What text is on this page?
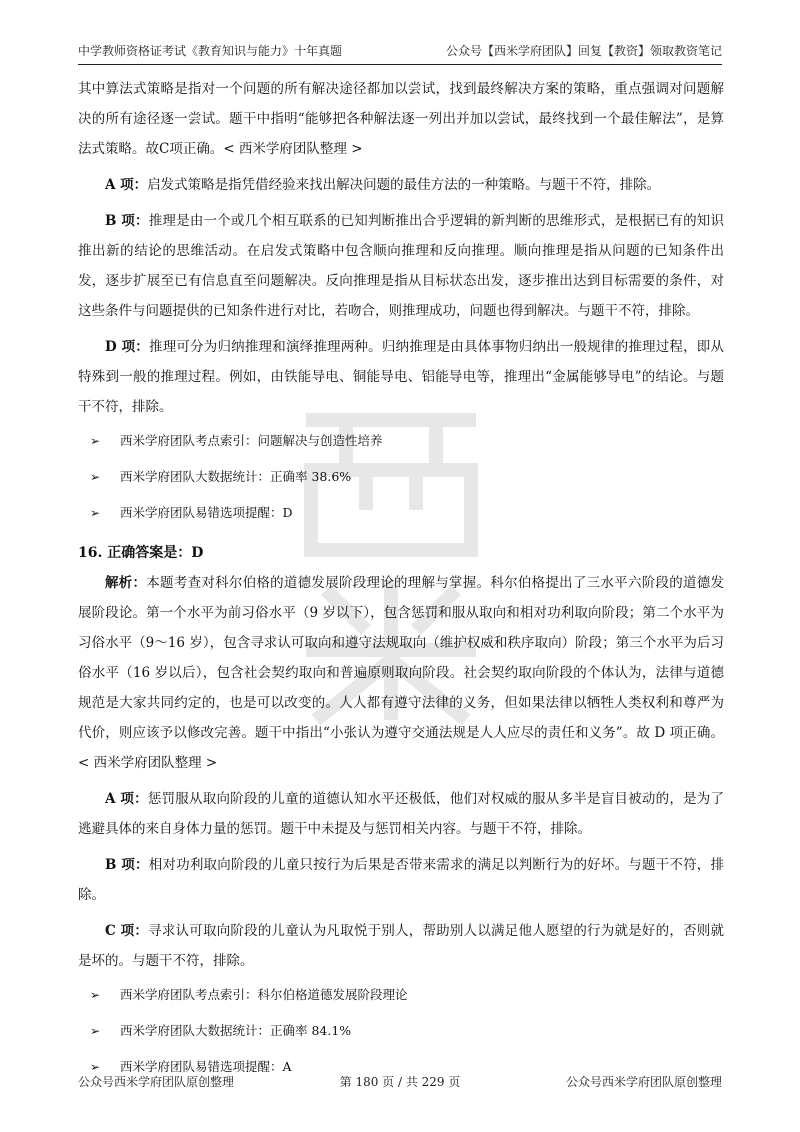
中学教师资格证考试《教育知识与能力》十年真题	公众号【西米学府团队】回复【教资】领取教资笔记

其中算法式策略是指对一个问题的所有解决途径都加以尝试，找到最终解决方案的策略，重点强调对问题解决的所有途径逐一尝试。题干中指明“能够把各种解法逐一列出并加以尝试，最终找到一个最佳解法”，是算法式策略。故C项正确。< 西米学府团队整理 >

A 项：启发式策略是指凭借经验来找出解决问题的最佳方法的一种策略。与题干不符，排除。

B 项：推理是由一个或几个相互联系的已知判断推出合乎逻辑的新判断的思维形式，是根据已有的知识推出新的结论的思维活动。在启发式策略中包含顺向推理和反向推理。顺向推理是指从问题的已知条件出发，逐步扩展至已有信息直至问题解决。反向推理是指从目标状态出发，逐步推出达到目标需要的条件，对这些条件与问题提供的已知条件进行对比，若吻合，则推理成功，问题也得到解决。与题干不符，排除。

D 项：推理可分为归纳推理和演绎推理两种。归纳推理是由具体事物归纳出一般规律的推理过程，即从特殊到一般的推理过程。例如，由铁能导电、铜能导电、铝能导电等，推理出“金属能够导电”的结论。与题干不符，排除。

➢	西米学府团队考点索引：问题解决与创造性培养
➢	西米学府团队大数据统计：正确率 38.6%
➢	西米学府团队易错选项提醒：D
16. 正确答案是：D

解析：本题考查对科尔伯格的道德发展阶段理论的理解与掌握。科尔伯格提出了三水平六阶段的道德发展阶段论。第一个水平为前习俗水平（9 岁以下），包含惩罚和服从取向和相对功利取向阶段；第二个水平为习俗水平（9～16 岁），包含寻求认可取向和遵守法规取向（维护权威和秩序取向）阶段；第三个水平为后习俗水平（16 岁以后），包含社会契约取向和普遍原则取向阶段。社会契约取向阶段的个体认为，法律与道德规范是大家共同约定的，也是可以改变的。人人都有遵守法律的义务，但如果法律以牺牲人类权利和尊严为代价，则应该予以修改完善。题干中指出“小张认为遵守交通法规是人人应尽的责任和义务”。故 D 项正确。< 西米学府团队整理 >

A 项：惩罚服从取向阶段的儿童的道德认知水平还极低，他们对权威的服从多半是盲目被动的，是为了逃避具体的来自身体力量的惩罚。题干中未提及与惩罚相关内容。与题干不符，排除。

B 项：相对功利取向阶段的儿童只按行为后果是否带来需求的满足以判断行为的好坏。与题干不符，排除。

C 项：寻求认可取向阶段的儿童认为凡取悦于别人，帮助别人以满足他人愿望的行为就是好的，否则就是坏的。与题干不符，排除。

➢	西米学府团队考点索引：科尔伯格道德发展阶段理论
➢	西米学府团队大数据统计：正确率 84.1%
➢	西米学府团队易错选项提醒：A
公众号西米学府团队原创整理	第 180 页 / 共 229 页	公众号西米学府团队原创整理
